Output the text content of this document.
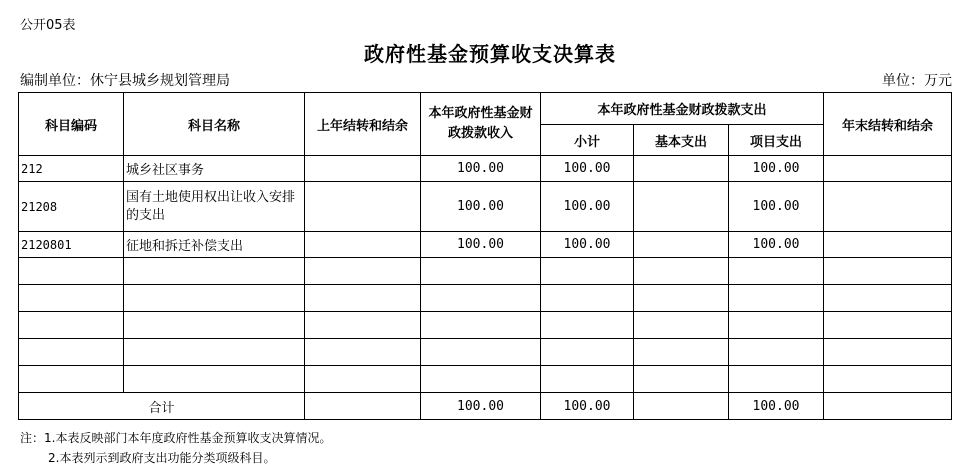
公开05表
政府性基金预算收支决算表
编制单位：休宁县城乡规划管理局	单位：万元
科目编码	科目名称	上年结转和结余	本年政府性基金财政拨款收入	本年政府性基金财政拨款支出			年末结转和结余
				小计	基本支出	项目支出	
212	城乡社区事务		100.00	100.00		100.00	
21208	国有土地使用权出让收入安排的支出		100.00	100.00		100.00	
2120801	征地和拆迁补偿支出		100.00	100.00		100.00	

合计			100.00	100.00		100.00	
注：1.本表反映部门本年度政府性基金预算收支决算情况。
2.本表列示到政府支出功能分类项级科目。
